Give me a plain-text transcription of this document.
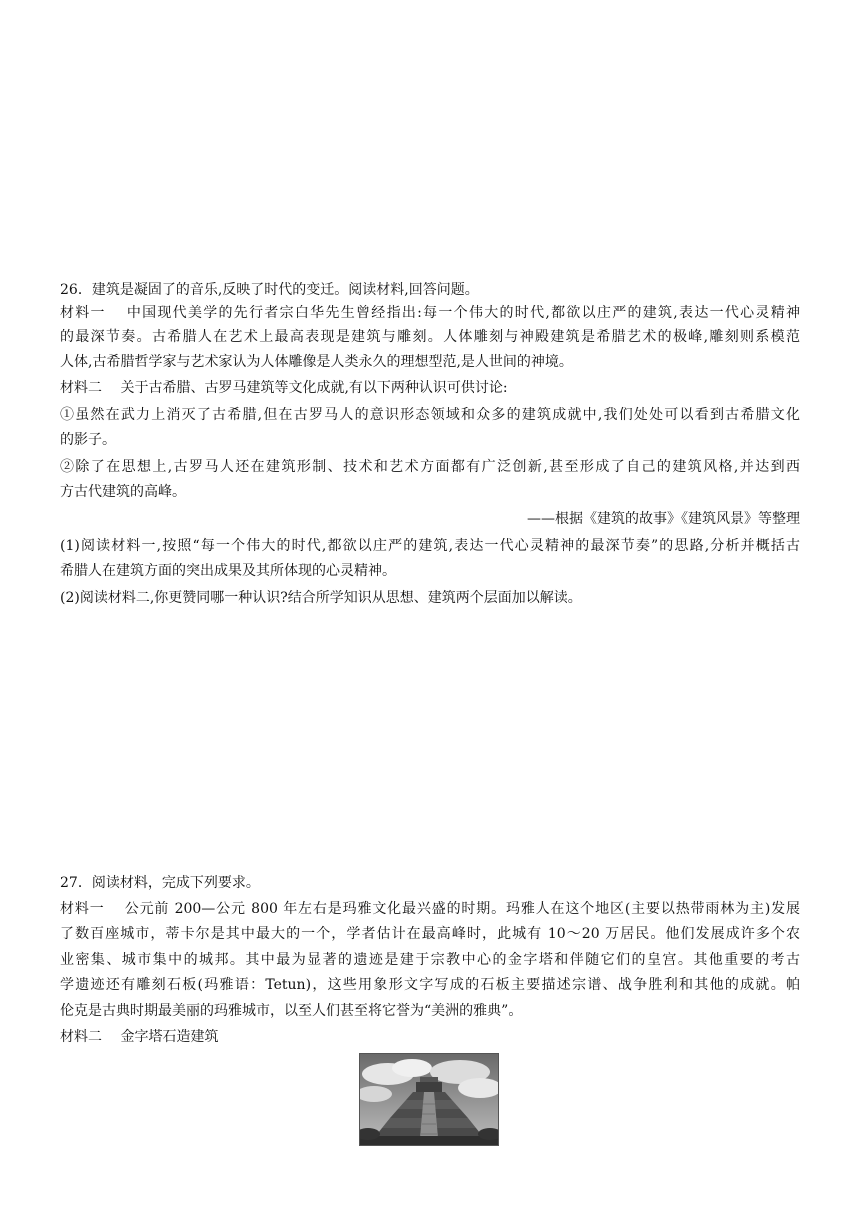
26．建筑是凝固了的音乐,反映了时代的变迁。阅读材料,回答问题。
材料一　 中国现代美学的先行者宗白华先生曾经指出:每一个伟大的时代,都欲以庄严的建筑,表达一代心灵精神
的最深节奏。古希腊人在艺术上最高表现是建筑与雕刻。人体雕刻与神殿建筑是希腊艺术的极峰,雕刻则系模范
人体,古希腊哲学家与艺术家认为人体雕像是人类永久的理想型范,是人世间的神境。
材料二　 关于古希腊、古罗马建筑等文化成就,有以下两种认识可供讨论:
①虽然在武力上消灭了古希腊,但在古罗马人的意识形态领域和众多的建筑成就中,我们处处可以看到古希腊文化
的影子。
②除了在思想上,古罗马人还在建筑形制、技术和艺术方面都有广泛创新,甚至形成了自己的建筑风格,并达到西
方古代建筑的高峰。
——根据《建筑的故事》《建筑风景》等整理
(1)阅读材料一,按照“每一个伟大的时代,都欲以庄严的建筑,表达一代心灵精神的最深节奏”的思路,分析并概括古
希腊人在建筑方面的突出成果及其所体现的心灵精神。
(2)阅读材料二,你更赞同哪一种认识?结合所学知识从思想、建筑两个层面加以解读。
27．阅读材料，完成下列要求。
材料一　 公元前 200—公元 800 年左右是玛雅文化最兴盛的时期。玛雅人在这个地区(主要以热带雨林为主)发展
了数百座城市，蒂卡尔是其中最大的一个，学者估计在最高峰时，此城有 10～20 万居民。他们发展成许多个农
业密集、城市集中的城邦。其中最为显著的遗迹是建于宗教中心的金字塔和伴随它们的皇宫。其他重要的考古
学遗迹还有雕刻石板(玛雅语：Tetun)，这些用象形文字写成的石板主要描述宗谱、战争胜利和其他的成就。帕
伦克是古典时期最美丽的玛雅城市，以至人们甚至将它誉为“美洲的雅典”。
材料二　 金字塔石造建筑
